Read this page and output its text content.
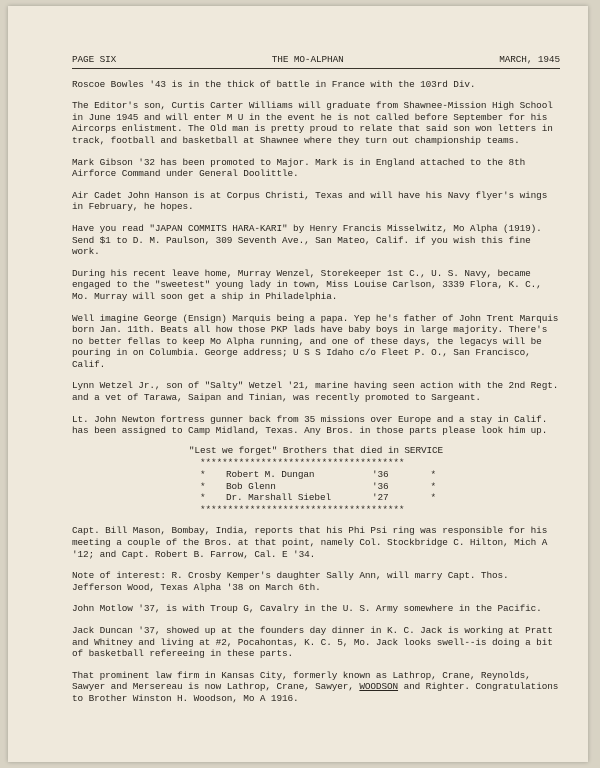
PAGE SIX	THE MO-ALPHAN	MARCH, 1945

Roscoe Bowles '43 is in the thick of battle in France with the 103rd Div.

The Editor's son, Curtis Carter Williams will graduate from Shawnee-Mission High School in June 1945 and will enter M U in the event he is not called before September for his Aircorps enlistment. The Old man is pretty proud to relate that said son won letters in track, football and basketball at Shawnee where they turn out championship teams.

Mark Gibson '32 has been promoted to Major. Mark is in England attached to the 8th Airforce Command under General Doolittle.

Air Cadet John Hanson is at Corpus Christi, Texas and will have his Navy flyer's wings in February, he hopes.

Have you read "JAPAN COMMITS HARA-KARI" by Henry Francis Misselwitz, Mo Alpha (1919). Send $1 to D. M. Paulson, 309 Seventh Ave., San Mateo, Calif. if you wish this fine work.

During his recent leave home, Murray Wenzel, Storekeeper 1st C., U. S. Navy, became engaged to the "sweetest" young lady in town, Miss Louise Carlson, 3339 Flora, K. C., Mo. Murray will soon get a ship in Philadelphia.

Well imagine George (Ensign) Marquis being a papa. Yep he's father of John Trent Marquis born Jan. 11th. Beats all how those PKP lads have baby boys in large majority. There's no better fellas to keep Mo Alpha running, and one of these days, the legacys will be pouring in on Columbia. George address; U S S Idaho c/o Fleet P. O., San Francisco, Calif.

Lynn Wetzel Jr., son of "Salty" Wetzel '21, marine having seen action with the 2nd Regt. and a vet of Tarawa, Saipan and Tinian, was recently promoted to Sargeant.

Lt. John Newton fortress gunner back from 35 missions over Europe and a stay in Calif. has been assigned to Camp Midland, Texas. Any Bros. in those parts please look him up.

"Lest we forget" Brothers that died in SERVICE
*************************************
*	Robert M. Dungan	'36	*
*	Bob Glenn	'36	*
*	Dr. Marshall Siebel	'27	*
*************************************

Capt. Bill Mason, Bombay, India, reports that his Phi Psi ring was responsible for his meeting a couple of the Bros. at that point, namely Col. Stockbridge C. Hilton, Mich A '12; and Capt. Robert B. Farrow, Cal. E '34.

Note of interest: R. Crosby Kemper's daughter Sally Ann, will marry Capt. Thos. Jefferson Wood, Texas Alpha '38 on March 6th.

John Motlow '37, is with Troup G, Cavalry in the U. S. Army somewhere in the Pacific.

Jack Duncan '37, showed up at the founders day dinner in K. C. Jack is working at Pratt and Whitney and living at #2, Pocahontas, K. C. 5, Mo. Jack looks swell--is doing a bit of basketball refereeing in these parts.

That prominent law firm in Kansas City, formerly known as Lathrop, Crane, Reynolds, Sawyer and Mersereau is now Lathrop, Crane, Sawyer, WOODSON and Righter. Congratulations to Brother Winston H. Woodson, Mo A 1916.
